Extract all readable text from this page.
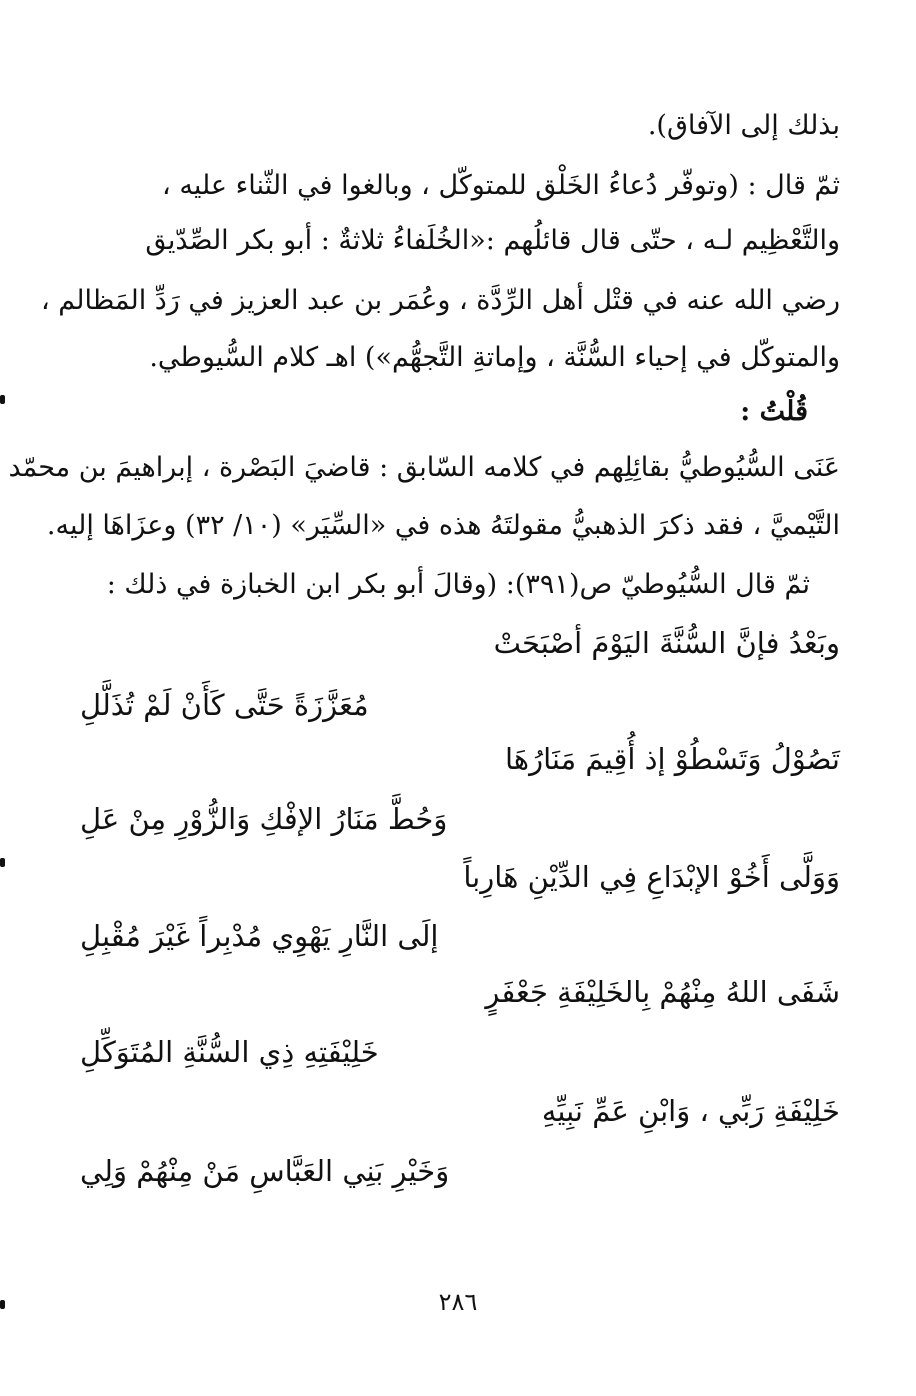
بذلك إلى الآفاق).
ثمّ قال : (وتوفّر دُعاءُ الخَلْق للمتوكّل ، وبالغوا في الثّناء عليه ،
والتَّعْظِيم لـه ، حتّى قال قائلُهم :«الخُلَفاءُ ثلاثةٌ : أبو بكر الصِّدّيق
رضي الله عنه في قتْل أهل الرِّدَّة ، وعُمَر بن عبد العزيز في رَدِّ المَظالم ،
والمتوكّل في إحياء السُّنَّة ، وإماتةِ التَّجهُّم») اهـ كلام السُّيوطي.
قُلْتُ :
عَنَى السُّيُوطيُّ بقائِلِهم في كلامه السّابق : قاضيَ البَصْرة ، إبراهيمَ بن محمّد
التَّيْميَّ ، فقد ذكرَ الذهبيُّ مقولتَهُ هذه في «السِّيَر» (١٠/ ٣٢) وعزَاهَا إليه.
ثمّ قال السُّيُوطيّ ص(٣٩١): (وقالَ أبو بكر ابن الخبازة في ذلك :
وبَعْدُ فإنَّ السُّنَّةَ اليَوْمَ أصْبَحَتْ
مُعَزَّزَةً حَتَّى كَأَنْ لَمْ تُذَلَّلِ
تَصُوْلُ وَتَسْطُوْ إذ أُقِيمَ مَنَارُهَا
وَحُطَّ مَنَارُ الإفْكِ وَالزُّوْرِ مِنْ عَلِ
وَوَلَّى أَخُوْ الإبْدَاعِ فِي الدِّيْنِ هَارِباً
إلَى النَّارِ يَهْوِي مُدْبِراً غَيْرَ مُقْبِلِ
شَفَى اللهُ مِنْهُمْ بِالخَلِيْفَةِ جَعْفَرٍ
خَلِيْفَتِهِ ذِي السُّنَّةِ المُتَوَكِّلِ
خَلِيْفَةِ رَبِّي ، وَابْنِ عَمِّ نَبِيِّهِ
وَخَيْرِ بَنِي العَبَّاسِ مَنْ مِنْهُمْ وَلِي
٢٨٦
